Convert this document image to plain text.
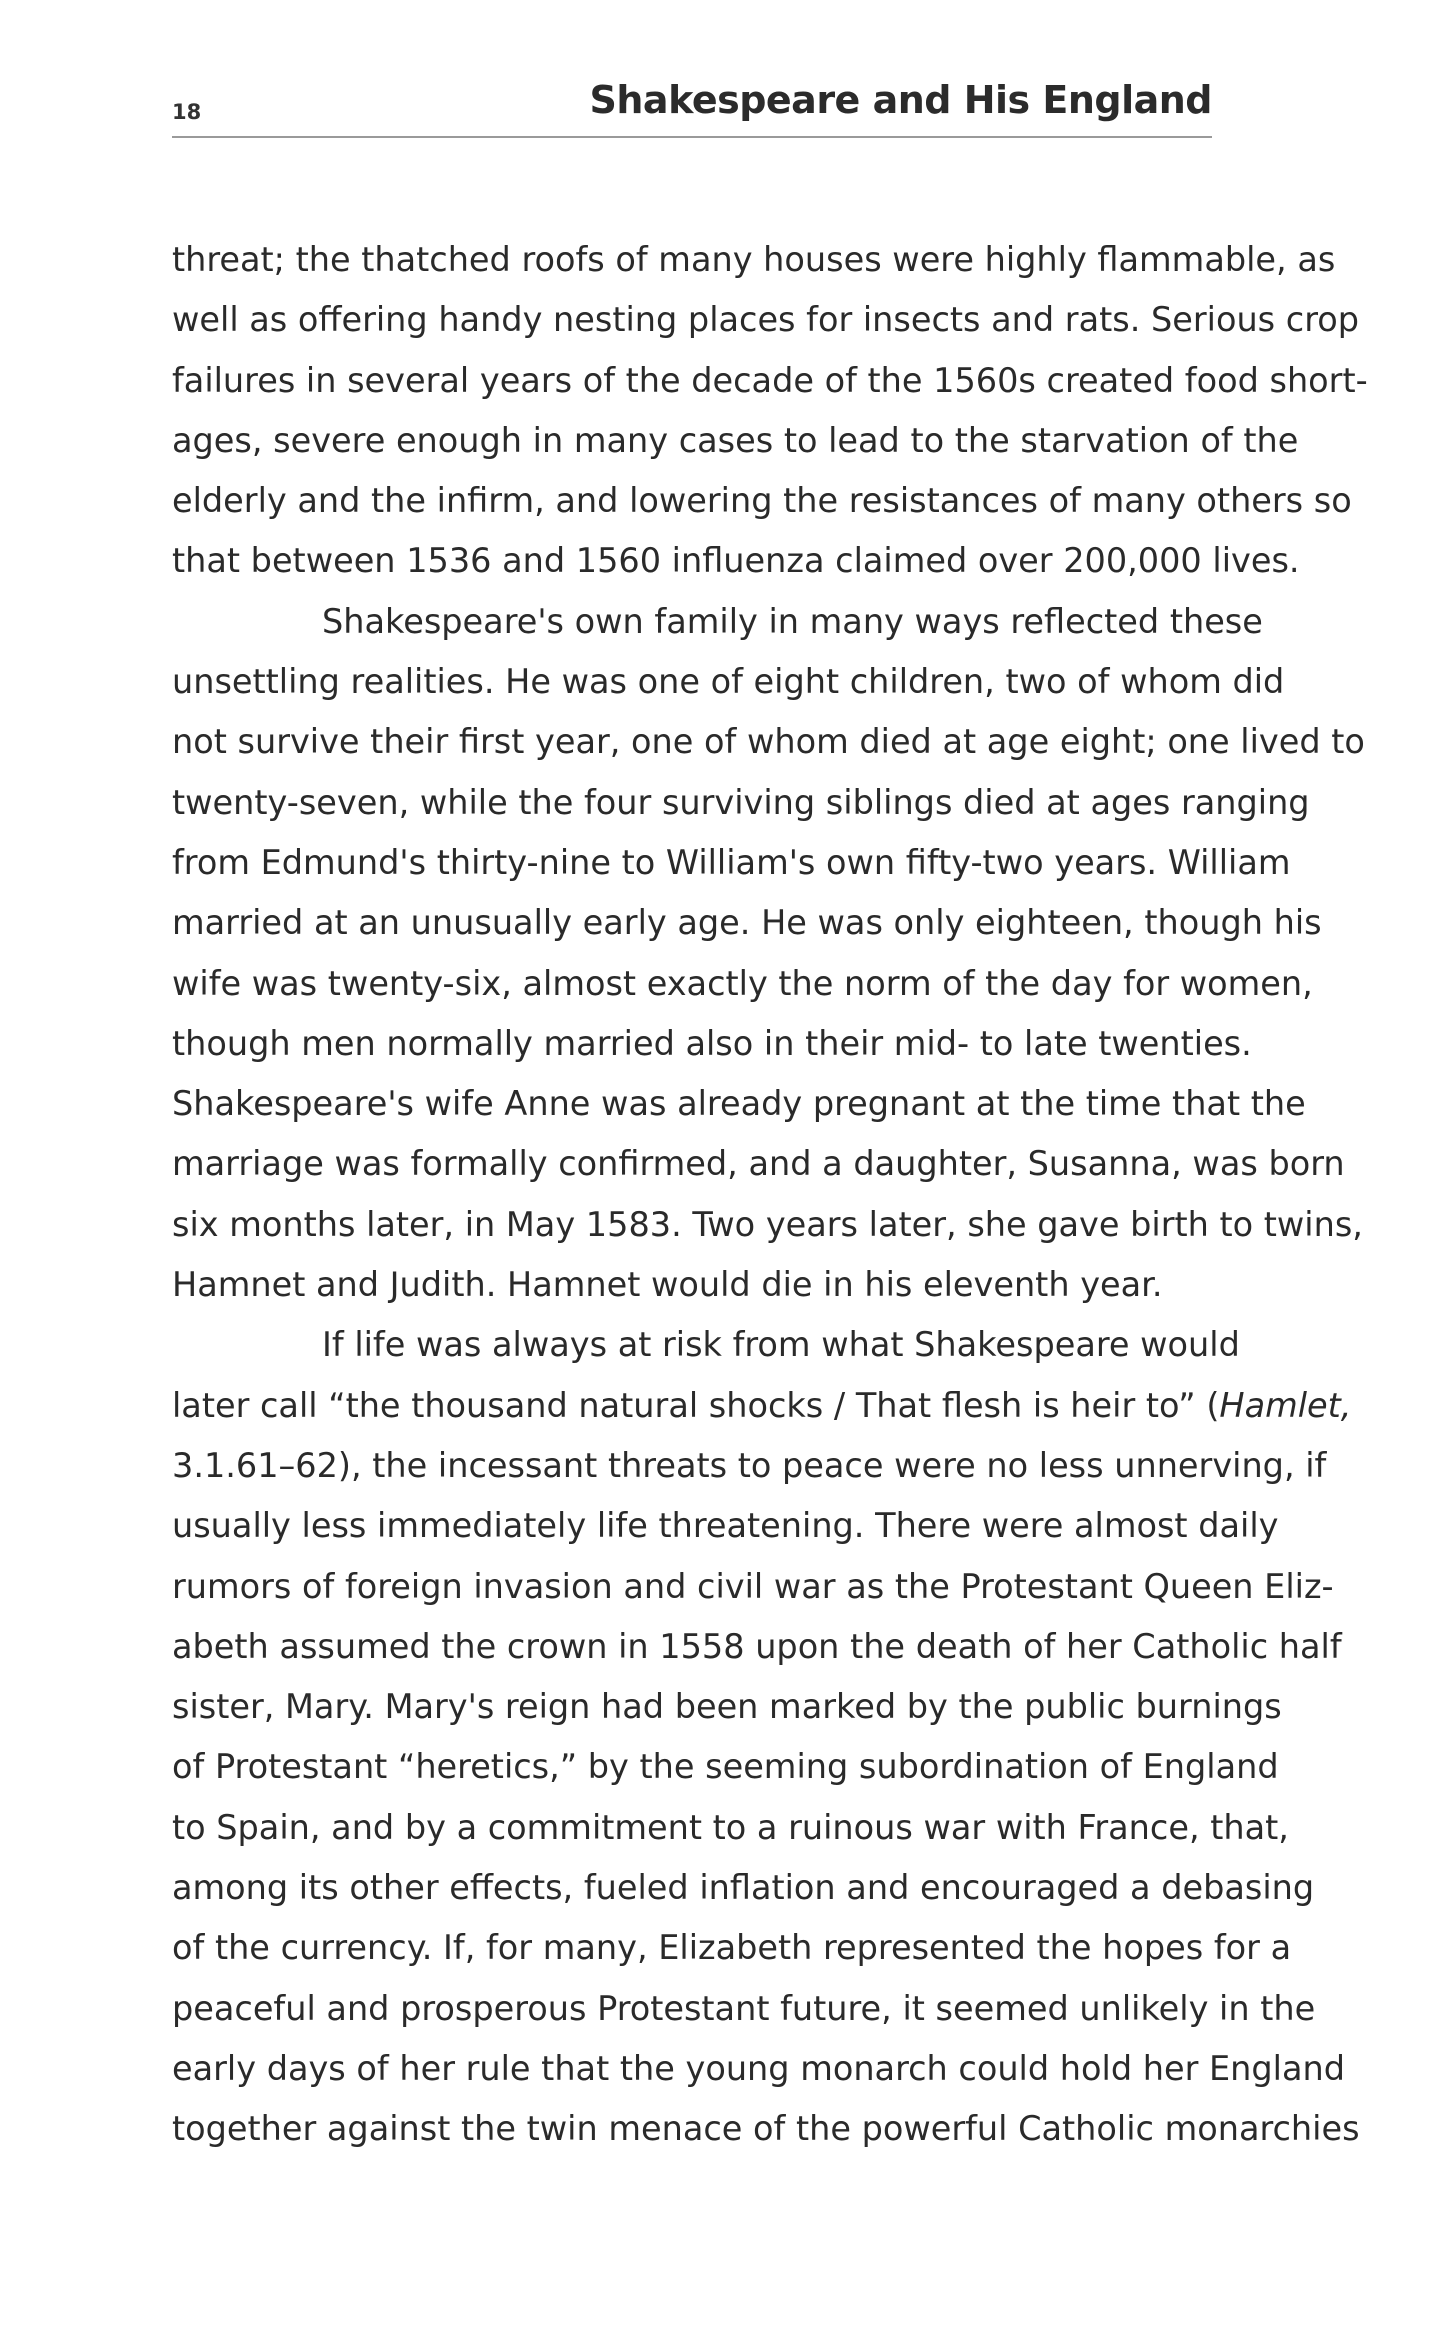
18	Shakespeare and His England
threat; the thatched roofs of many houses were highly flammable, as
well as offering handy nesting places for insects and rats. Serious crop
failures in several years of the decade of the 1560s created food short-
ages, severe enough in many cases to lead to the starvation of the
elderly and the infirm, and lowering the resistances of many others so
that between 1536 and 1560 influenza claimed over 200,000 lives.
Shakespeare's own family in many ways reflected these
unsettling realities. He was one of eight children, two of whom did
not survive their first year, one of whom died at age eight; one lived to
twenty-seven, while the four surviving siblings died at ages ranging
from Edmund's thirty-nine to William's own fifty-two years. William
married at an unusually early age. He was only eighteen, though his
wife was twenty-six, almost exactly the norm of the day for women,
though men normally married also in their mid- to late twenties.
Shakespeare's wife Anne was already pregnant at the time that the
marriage was formally confirmed, and a daughter, Susanna, was born
six months later, in May 1583. Two years later, she gave birth to twins,
Hamnet and Judith. Hamnet would die in his eleventh year.
If life was always at risk from what Shakespeare would
later call “the thousand natural shocks / That flesh is heir to” (Hamlet,
3.1.61–62), the incessant threats to peace were no less unnerving, if
usually less immediately life threatening. There were almost daily
rumors of foreign invasion and civil war as the Protestant Queen Eliz-
abeth assumed the crown in 1558 upon the death of her Catholic half
sister, Mary. Mary's reign had been marked by the public burnings
of Protestant “heretics,” by the seeming subordination of England
to Spain, and by a commitment to a ruinous war with France, that,
among its other effects, fueled inflation and encouraged a debasing
of the currency. If, for many, Elizabeth represented the hopes for a
peaceful and prosperous Protestant future, it seemed unlikely in the
early days of her rule that the young monarch could hold her England
together against the twin menace of the powerful Catholic monarchies
